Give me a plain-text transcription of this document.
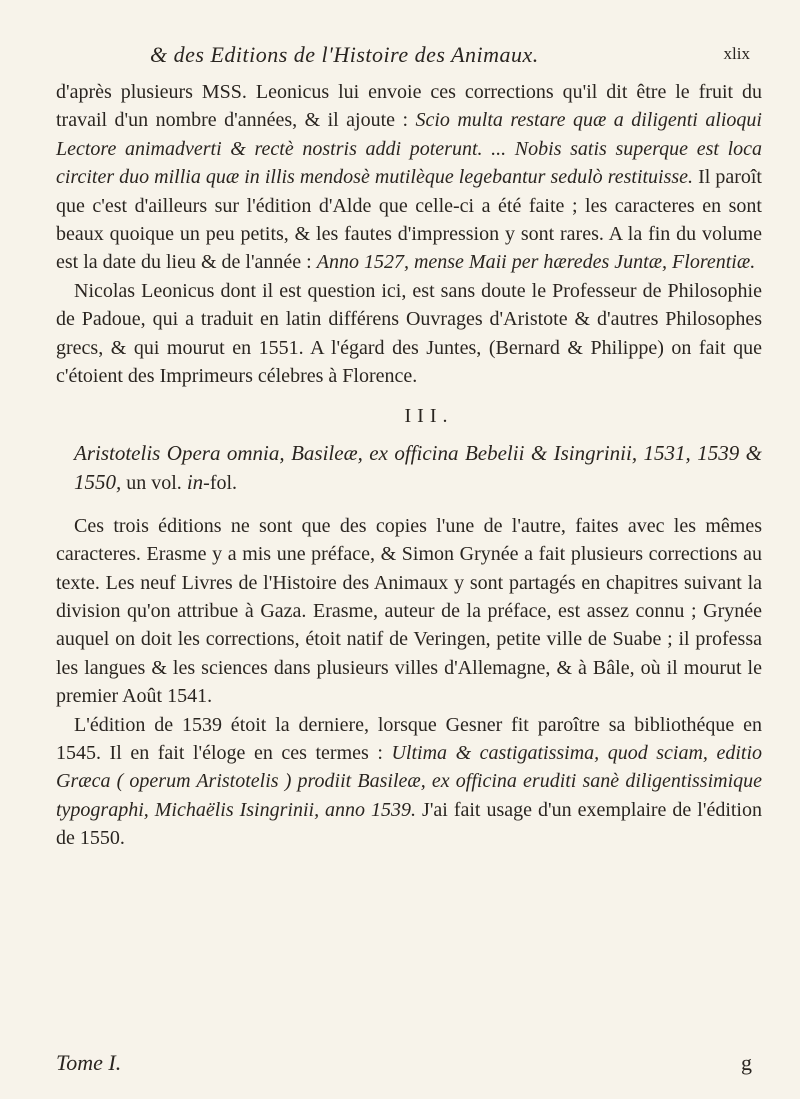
& des Editions de l'Histoire des Animaux.	xlix

d'après plusieurs MSS. Leonicus lui envoie ces corrections qu'il dit être le fruit du travail d'un nombre d'années, & il ajoute : Scio multa restare quæ a diligenti alioqui Lectore animadverti & rectè nostris addi poterunt. ... Nobis satis superque est loca circiter duo millia quæ in illis mendosè mutilèque legebantur sedulò restituisse. Il paroît que c'est d'ailleurs sur l'édition d'Alde que celle-ci a été faite ; les caracteres en sont beaux quoique un peu petits, & les fautes d'impression y sont rares. A la fin du volume est la date du lieu & de l'année : Anno 1527, mense Maii per hæredes Juntæ, Florentiæ.

Nicolas Leonicus dont il est question ici, est sans doute le Professeur de Philosophie de Padoue, qui a traduit en latin différens Ouvrages d'Aristote & d'autres Philosophes grecs, & qui mourut en 1551. A l'égard des Juntes, (Bernard & Philippe) on fait que c'étoient des Imprimeurs célebres à Florence.

III.

Aristotelis Opera omnia, Basileæ, ex officina Bebelii & Isingrinii, 1531, 1539 & 1550, un vol. in-fol.

Ces trois éditions ne sont que des copies l'une de l'autre, faites avec les mêmes caracteres. Erasme y a mis une préface, & Simon Grynée a fait plusieurs corrections au texte. Les neuf Livres de l'Histoire des Animaux y sont partagés en chapitres suivant la division qu'on attribue à Gaza. Erasme, auteur de la préface, est assez connu ; Grynée auquel on doit les corrections, étoit natif de Veringen, petite ville de Suabe ; il professa les langues & les sciences dans plusieurs villes d'Allemagne, & à Bâle, où il mourut le premier Août 1541.

L'édition de 1539 étoit la derniere, lorsque Gesner fit paroître sa bibliothéque en 1545. Il en fait l'éloge en ces termes : Ultima & castigatissima, quod sciam, editio Græca ( operum Aristotelis ) prodiit Basileæ, ex officina eruditi sanè diligentissimique typographi, Michaëlis Isingrinii, anno 1539. J'ai fait usage d'un exemplaire de l'édition de 1550.

Tome I.	g
